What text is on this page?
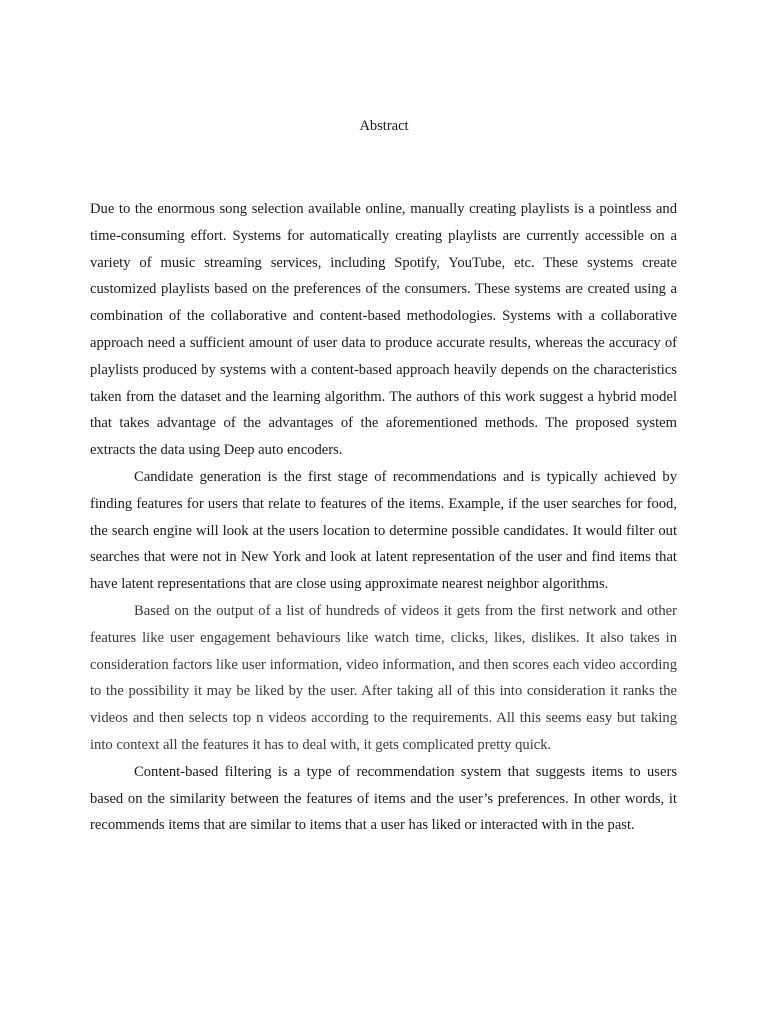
Abstract

Due to the enormous song selection available online, manually creating playlists is a pointless and time-consuming effort. Systems for automatically creating playlists are currently accessible on a variety of music streaming services, including Spotify, YouTube, etc. These systems create customized playlists based on the preferences of the consumers. These systems are created using a combination of the collaborative and content-based methodologies. Systems with a collaborative approach need a sufficient amount of user data to produce accurate results, whereas the accuracy of playlists produced by systems with a content-based approach heavily depends on the characteristics taken from the dataset and the learning algorithm. The authors of this work suggest a hybrid model that takes advantage of the advantages of the aforementioned methods. The proposed system extracts the data using Deep auto encoders.

Candidate generation is the first stage of recommendations and is typically achieved by finding features for users that relate to features of the items. Example, if the user searches for food, the search engine will look at the users location to determine possible candidates. It would filter out searches that were not in New York and look at latent representation of the user and find items that have latent representations that are close using approximate nearest neighbor algorithms.

Based on the output of a list of hundreds of videos it gets from the first network and other features like user engagement behaviours like watch time, clicks, likes, dislikes. It also takes in consideration factors like user information, video information, and then scores each video according to the possibility it may be liked by the user. After taking all of this into consideration it ranks the videos and then selects top n videos according to the requirements. All this seems easy but taking into context all the features it has to deal with, it gets complicated pretty quick.

Content-based filtering is a type of recommendation system that suggests items to users based on the similarity between the features of items and the user’s preferences. In other words, it recommends items that are similar to items that a user has liked or interacted with in the past.
